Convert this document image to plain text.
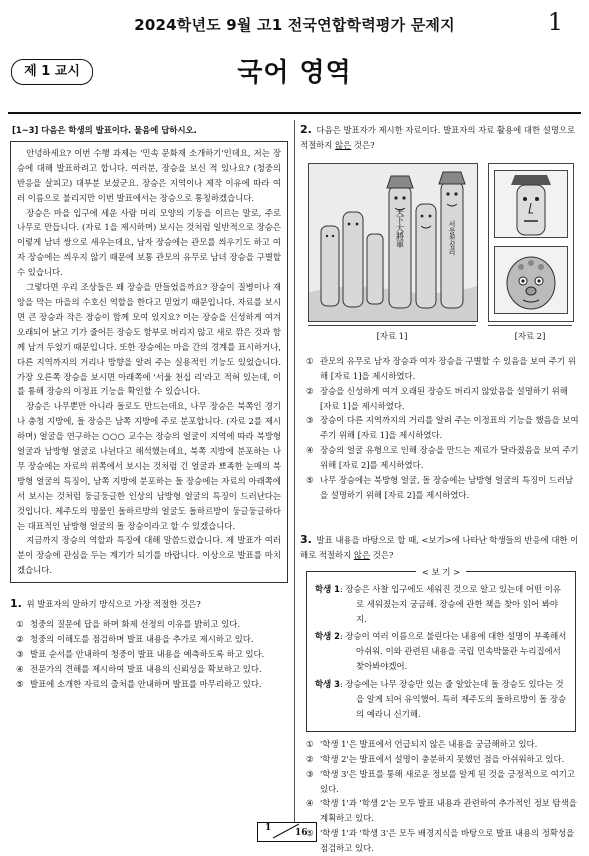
2024학년도 9월 고1 전국연합학력평가 문제지	1
제 1 교시	국어 영역
[1~3] 다음은 학생의 발표이다. 물음에 답하시오.

안녕하세요? 이번 수행 과제는 '민속 문화재 소개하기'인데요, 저는 장승에 대해 발표하려고 합니다. 여러분, 장승을 보신 적 있나요? (청중의 반응을 살피고) 대부분 보셨군요. 장승은 지역이나 제작 이유에 따라 여러 이름으로 불리지만 이번 발표에서는 장승으로 통칭하겠습니다.

장승은 마을 입구에 세운 사람 머리 모양의 기둥을 이르는 말로, 주로 나무로 만듭니다. (자료 1을 제시하며) 보시는 것처럼 일반적으로 장승은 이렇게 남녀 쌍으로 세우는데요, 남자 장승에는 관모를 씌우기도 하고 여자 장승에는 씌우지 않기 때문에 보통 관모의 유무로 남녀 장승을 구별할 수 있습니다.

그렇다면 우리 조상들은 왜 장승을 만들었을까요? 장승이 질병이나 재앙을 막는 마을의 수호신 역할을 한다고 믿었기 때문입니다. 자료를 보시면 큰 장승과 작은 장승이 함께 모여 있지요? 이는 장승을 신성하게 여겨 오래되어 낡고 기가 줄어든 장승도 함부로 버리지 않고 새로 깎은 것과 함께 남겨 두었기 때문입니다. 또한 장승에는 마을 간의 경계를 표시하거나, 다른 지역까지의 거리나 방향을 알려 주는 실용적인 기능도 있었습니다. 가장 오른쪽 장승을 보시면 아래쪽에 '서울 천십 리'라고 적혀 있는데, 이를 통해 장승의 이정표 기능을 확인할 수 있습니다.

장승은 나무뿐만 아니라 돌로도 만드는데요, 나무 장승은 북쪽인 경기나 충청 지방에, 돌 장승은 남쪽 지방에 주로 분포합니다. (자료 2를 제시하며) 얼굴을 연구하는 ○○○ 교수는 장승의 얼굴이 지역에 따라 북방형 얼굴과 남방형 얼굴로 나뉜다고 해석했는데요, 북쪽 지방에 분포하는 나무 장승에는 자료의 위쪽에서 보시는 것처럼 긴 얼굴과 뾰족한 눈매의 북방형 얼굴의 특징이, 남쪽 지방에 분포하는 돌 장승에는 자료의 아래쪽에서 보시는 것처럼 둥글둥글한 인상의 남방형 얼굴의 특징이 드러난다는 것입니다. 제주도의 명물인 돌하르방의 얼굴도 돌하르방이 둥글둥글하다는 대표적인 남방형 얼굴의 돌 장승이라고 할 수 있겠습니다.

지금까지 장승의 역할과 특징에 대해 말씀드렸습니다. 제 발표가 여러분이 장승에 관심을 두는 계기가 되기를 바랍니다. 이상으로 발표를 마치겠습니다.

1. 위 발표자의 말하기 방식으로 가장 적절한 것은?
① 청중의 질문에 답을 하며 화제 선정의 이유를 밝히고 있다.
② 청중의 이해도를 점검하며 발표 내용을 추가로 제시하고 있다.
③ 발표 순서를 안내하여 청중이 발표 내용을 예측하도록 하고 있다.
④ 전문가의 견해를 제시하여 발표 내용의 신뢰성을 확보하고 있다.
⑤ 발표에 소개한 자료의 출처를 안내하며 발표를 마무리하고 있다.
2. 다음은 발표자가 제시한 자료이다. 발표자의 자료 활용에 대한 설명으로 적절하지 않은 것은?
天下大將軍	서울천십리
[자료 1]	[자료 2]
① 관모의 유무로 남자 장승과 여자 장승을 구별할 수 있음을 보여 주기 위해 [자료 1]을 제시하였다.
② 장승을 신성하게 여겨 오래된 장승도 버리지 않았음을 설명하기 위해 [자료 1]을 제시하였다.
③ 장승이 다른 지역까지의 거리를 알려 주는 이정표의 기능을 했음을 보여 주기 위해 [자료 1]을 제시하였다.
④ 장승의 얼굴 유형으로 인해 장승을 만드는 재료가 달라졌음을 보여 주기 위해 [자료 2]를 제시하였다.
⑤ 나무 장승에는 북방형 얼굴, 돌 장승에는 남방형 얼굴의 특징이 드러남을 설명하기 위해 [자료 2]를 제시하였다.
3. 발표 내용을 바탕으로 할 때, <보기>에 나타난 학생들의 반응에 대한 이해로 적절하지 않은 것은?
< 보 기 >

학생 1: 장승은 사찰 입구에도 세워진 것으로 알고 있는데 어떤 이유로 세워졌는지 궁금해. 장승에 관한 책을 찾아 읽어 봐야지.

학생 2: 장승이 여러 이름으로 불린다는 내용에 대한 설명이 부족해서 아쉬워. 이와 관련된 내용을 국립 민속박물관 누리집에서 찾아봐야겠어.

학생 3: 장승에는 나무 장승만 있는 줄 알았는데 돌 장승도 있다는 것을 알게 되어 유익했어. 특히 제주도의 돌하르방이 돌 장승의 예라니 신기해.

① '학생 1'은 발표에서 언급되지 않은 내용을 궁금해하고 있다.
② '학생 2'는 발표에서 설명이 충분하지 못했던 점을 아쉬워하고 있다.
③ '학생 3'은 발표를 통해 새로운 정보를 알게 된 것을 긍정적으로 여기고 있다.
④ '학생 1'과 '학생 2'는 모두 발표 내용과 관련하여 추가적인 정보 탐색을 계획하고 있다.
⑤ '학생 1'과 '학생 3'은 모두 배경지식을 바탕으로 발표 내용의 정확성을 점검하고 있다.
1	16
